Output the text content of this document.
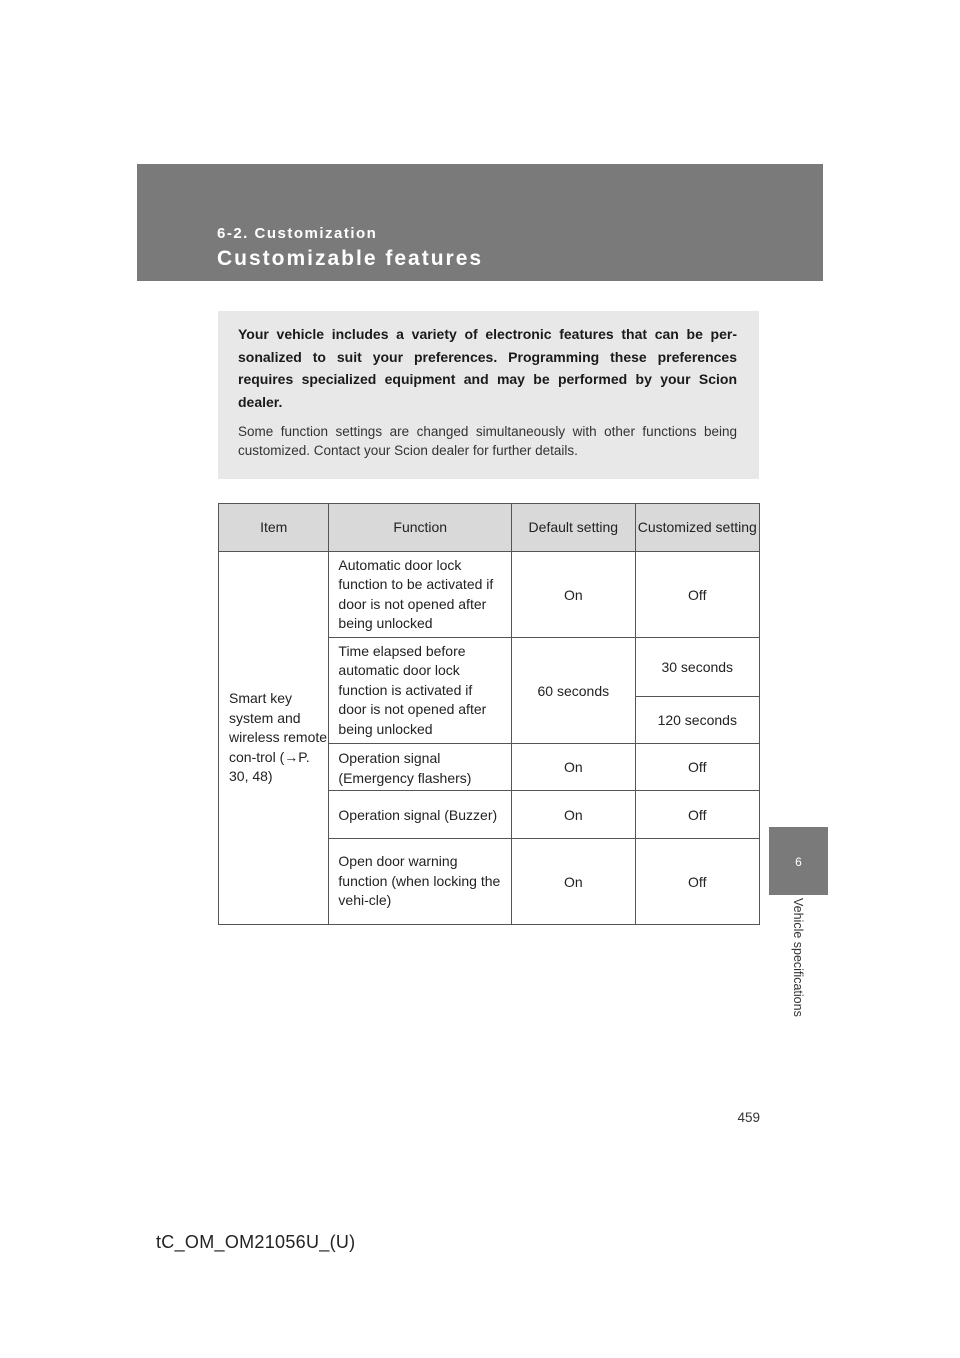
6-2. Customization
Customizable features
6
Vehicle specifications

Your vehicle includes a variety of electronic features that can be per-sonalized to suit your preferences. Programming these preferences requires specialized equipment and may be performed by your Scion dealer.

Some function settings are changed simultaneously with other functions being customized. Contact your Scion dealer for further details.

Item	Function	Default setting	Customized setting
Smart key system and wireless remote con-trol (→P. 30, 48)	Automatic door lock function to be activated if door is not opened after being unlocked	On	Off
	Time elapsed before automatic door lock function is activated if door is not opened after being unlocked	60 seconds	30 seconds
			120 seconds
	Operation signal (Emergency flashers)	On	Off
	Operation signal (Buzzer)	On	Off
	Open door warning function (when locking the vehi-cle)	On	Off
459
tC_OM_OM21056U_(U)
